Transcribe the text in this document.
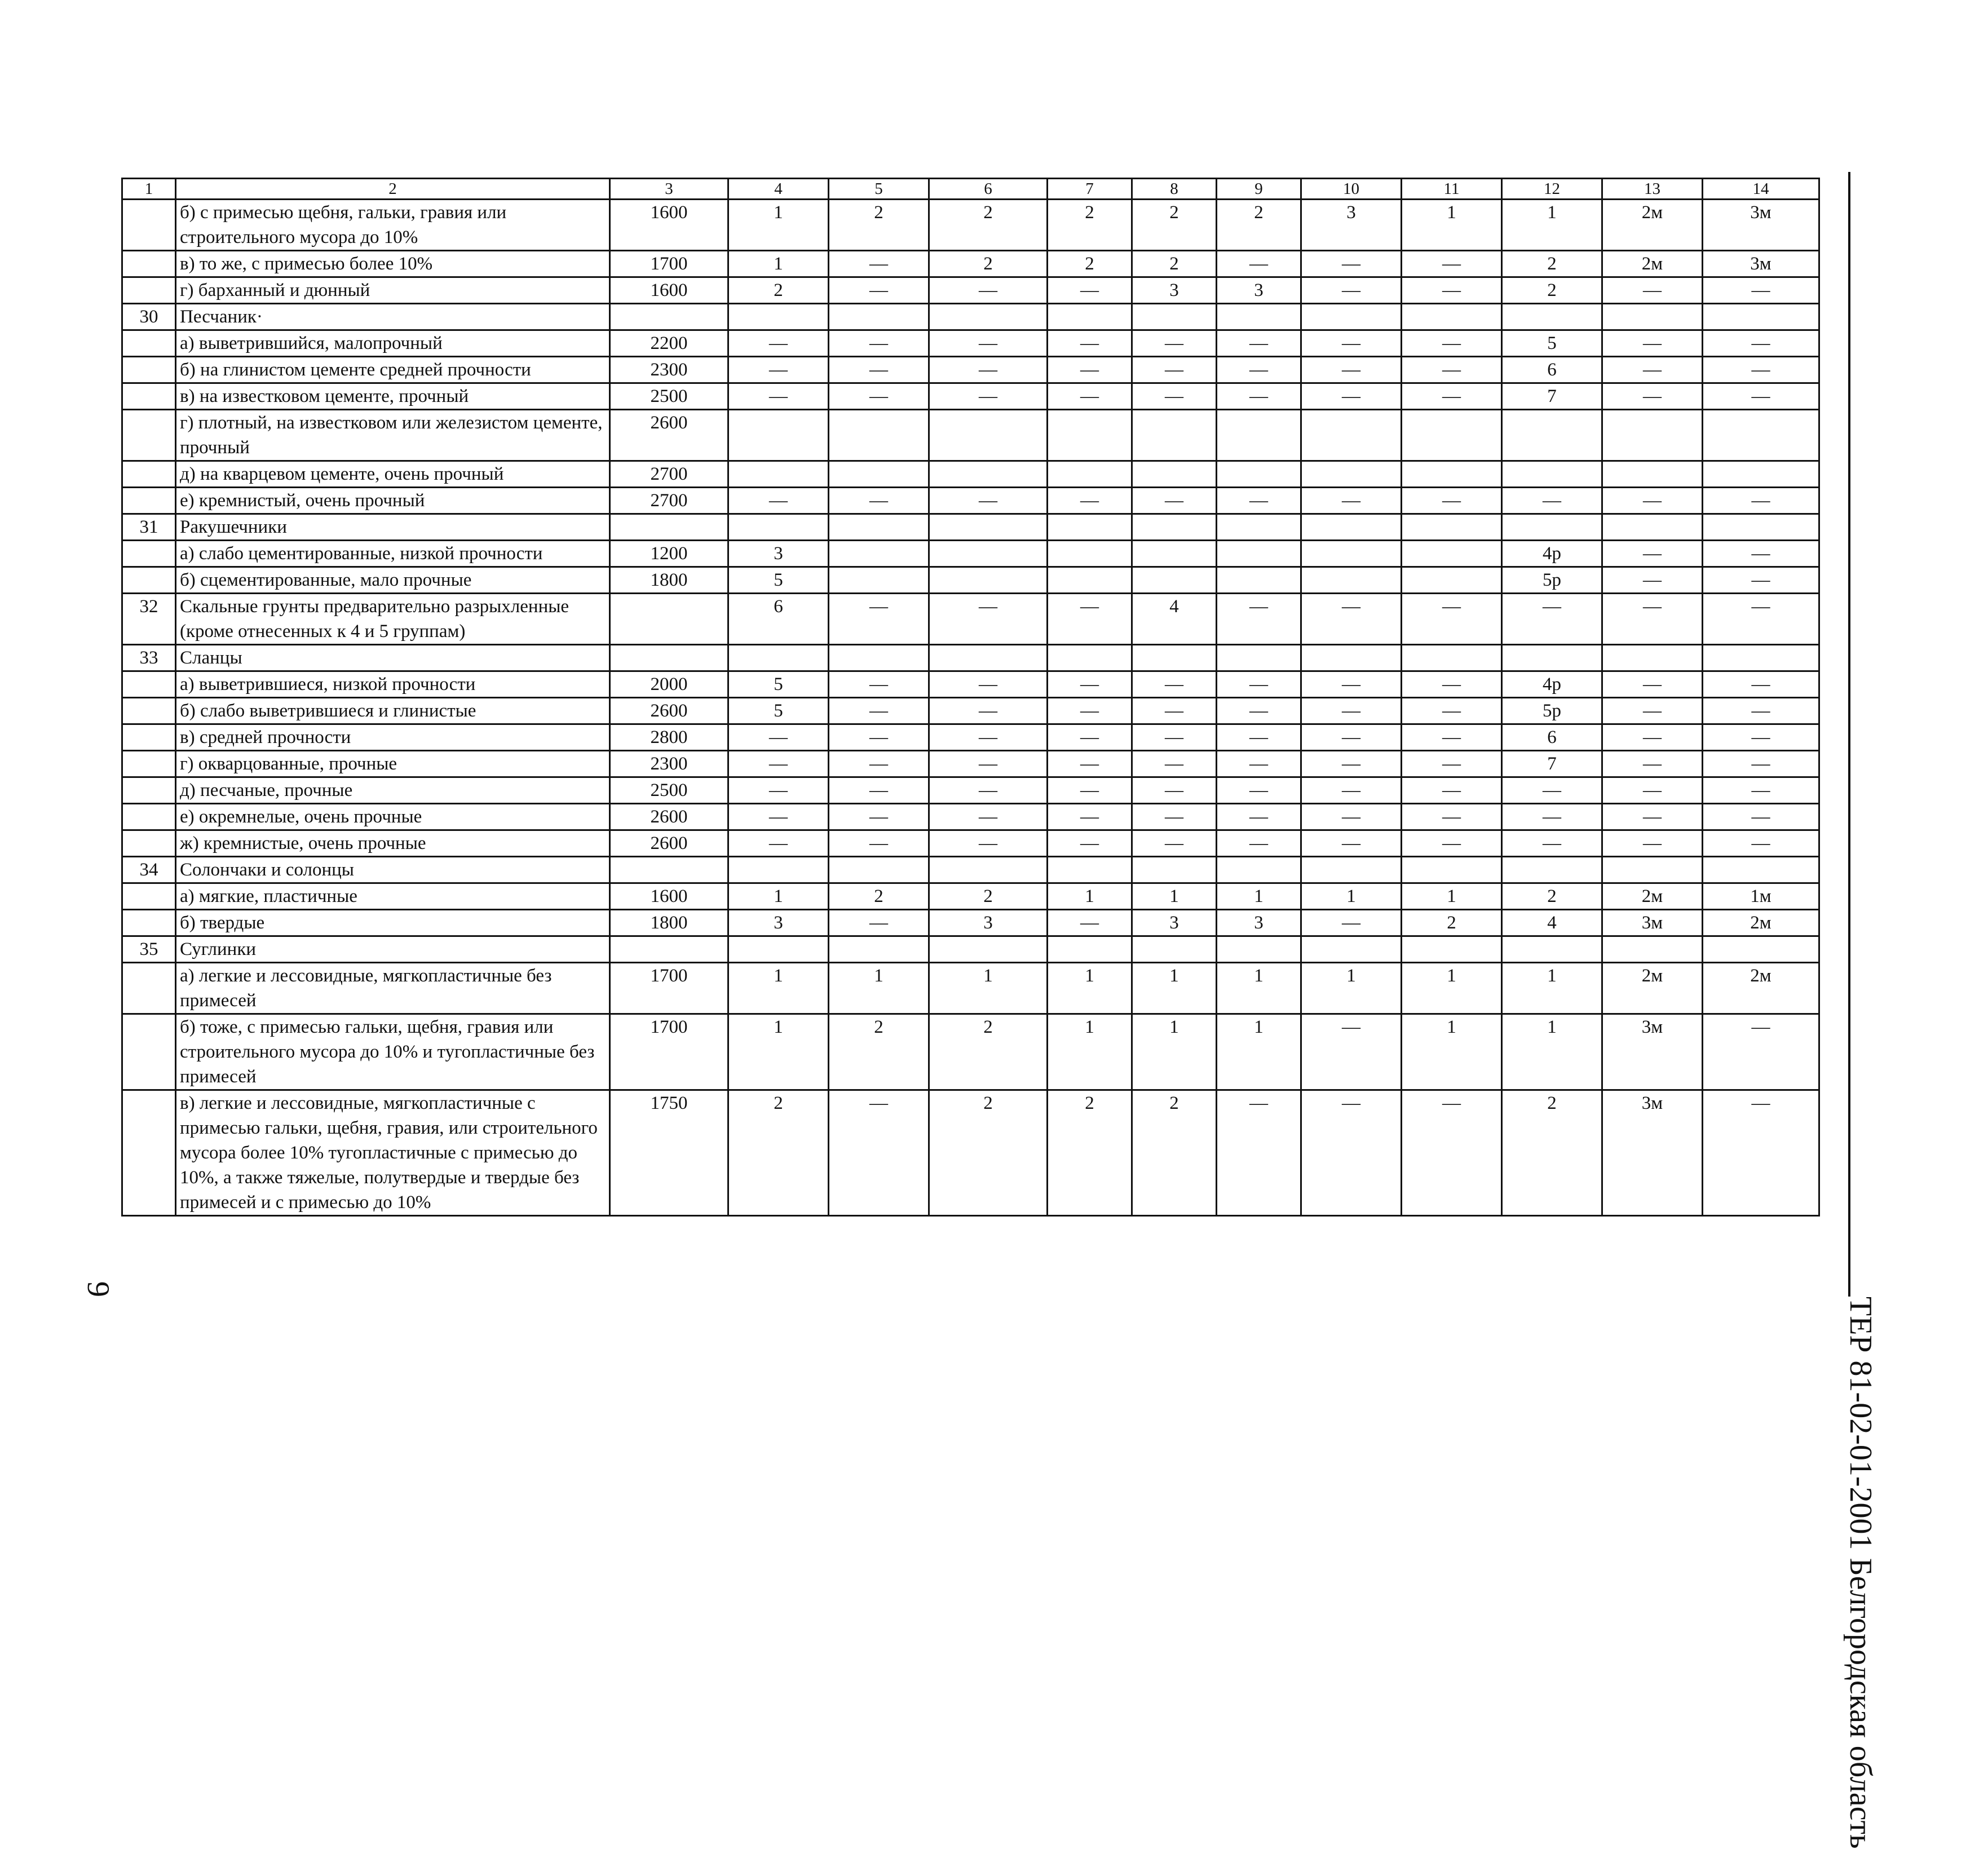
1	2	3	4	5	6	7	8	9	10	11	12	13	14
	б) с примесью щебня, гальки, гравия или строительного мусора до 10%	1600	1	2	2	2	2	2	3	1	1	2м	3м
	в) то же, с примесью более 10%	1700	1	—	2	2	2	—	—	—	2	2м	3м
	г) барханный и дюнный	1600	2	—	—	—	3	3	—	—	2	—	—
30	Песчаник·												
	а) выветрившийся, малопрочный	2200	—	—	—	—	—	—	—	—	5	—	—
	б) на глинистом цементе средней прочности	2300	—	—	—	—	—	—	—	—	6	—	—
	в) на известковом цементе, прочный	2500	—	—	—	—	—	—	—	—	7	—	—
	г) плотный, на известковом или железистом цементе, прочный	2600											
	д) на кварцевом цементе, очень прочный	2700											
	е) кремнистый, очень прочный	2700	—	—	—	—	—	—	—	—	—	—	—
31	Ракушечники												
	а) слабо цементированные, низкой прочности	1200	3								4р	—	—
	б) сцементированные, мало прочные	1800	5								5р	—	—
32	Скальные грунты предварительно разрыхленные (кроме отнесенных к 4 и 5 группам)		6	—	—	—	4	—	—	—	—	—	—
33	Сланцы												
	а) выветрившиеся, низкой прочности	2000	5	—	—	—	—	—	—	—	4р	—	—
	б) слабо выветрившиеся и глинистые	2600	5	—	—	—	—	—	—	—	5р	—	—
	в) средней прочности	2800	—	—	—	—	—	—	—	—	6	—	—
	г) окварцованные, прочные	2300	—	—	—	—	—	—	—	—	7	—	—
	д) песчаные, прочные	2500	—	—	—	—	—	—	—	—	—	—	—
	е) окремнелые, очень прочные	2600	—	—	—	—	—	—	—	—	—	—	—
	ж) кремнистые, очень прочные	2600	—	—	—	—	—	—	—	—	—	—	—
34	Солончаки и солонцы												
	а) мягкие, пластичные	1600	1	2	2	1	1	1	1	1	2	2м	1м
	б) твердые	1800	3	—	3	—	3	3	—	2	4	3м	2м
35	Суглинки												
	а) легкие и лессовидные, мягкопластичные без примесей	1700	1	1	1	1	1	1	1	1	1	2м	2м
	б) тоже, с примесью гальки, щебня, гравия или строительного мусора до 10% и тугопластичные без примесей	1700	1	2	2	1	1	1	—	1	1	3м	—
	в) легкие и лессовидные, мягкопластичные с примесью гальки, щебня, гравия, или строительного мусора более 10% тугопластичные с примесью до 10%, а также тяжелые, полутвердые и твердые без примесей и с примесью до 10%	1750	2	—	2	2	2	—	—	—	2	3м	—
ТЕР 81-02-01-2001 Белгородская область
9
